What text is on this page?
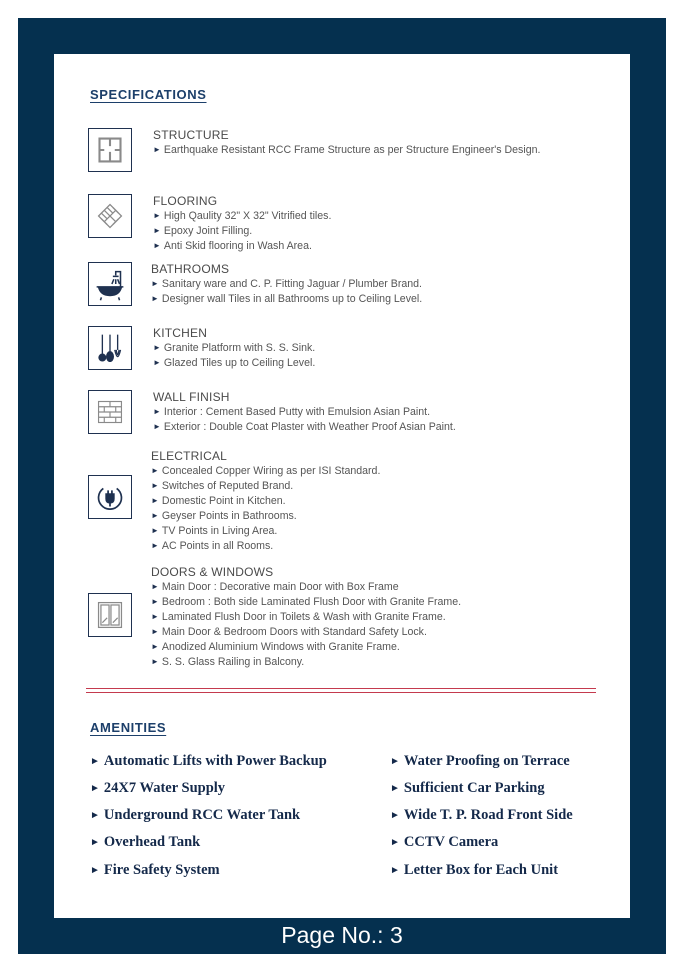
SPECIFICATIONS
STRUCTURE
► Earthquake Resistant RCC Frame Structure as per Structure Engineer's Design.
FLOORING
► High Qaulity 32" X 32" Vitrified tiles.
► Epoxy Joint Filling.
► Anti Skid flooring in Wash Area.
BATHROOMS
► Sanitary ware and C. P. Fitting Jaguar / Plumber Brand.
► Designer wall Tiles in all Bathrooms up to Ceiling Level.
KITCHEN
► Granite Platform with S. S. Sink.
► Glazed Tiles up to Ceiling Level.
WALL FINISH
► Interior : Cement Based Putty with Emulsion Asian Paint.
► Exterior : Double Coat Plaster with Weather Proof Asian Paint.
ELECTRICAL
► Concealed Copper Wiring as per ISI Standard.
► Switches of Reputed Brand.
► Domestic Point in Kitchen.
► Geyser Points in Bathrooms.
► TV Points in Living Area.
► AC Points in all Rooms.
DOORS & WINDOWS
► Main Door : Decorative main Door with Box Frame
► Bedroom : Both side Laminated Flush Door with Granite Frame.
► Laminated Flush Door in Toilets & Wash with Granite Frame.
► Main Door & Bedroom Doors with Standard Safety Lock.
► Anodized Aluminium Windows with Granite Frame.
► S. S. Glass Railing in Balcony.
AMENITIES
► Automatic Lifts with Power Backup
► 24X7 Water Supply
► Underground RCC Water Tank
► Overhead Tank
► Fire Safety System
► Water Proofing on Terrace
► Sufficient Car Parking
► Wide T. P. Road Front Side
► CCTV Camera
► Letter Box for Each Unit
Page No.: 3
